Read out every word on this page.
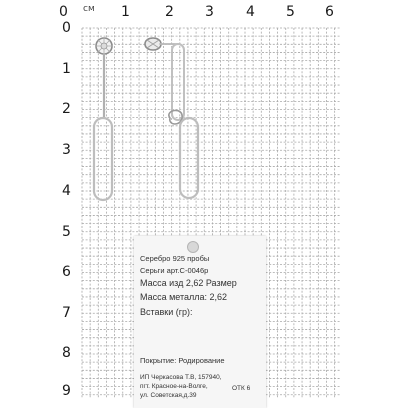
см
0	1	2 3 4 5 6
0
1
2
3
4
5
6
7
8
9
Серебро 925 пробы
Серьги арт.С-0046р
Масса изд 2,62 Размер
Масса металла: 2,62
Вставки (гр):
Покрытие: Родирование
ИП Черкасова Т.В, 157940,
пгт. Красное-на-Волге,
ул. Советская,д.39
ОТК 6
